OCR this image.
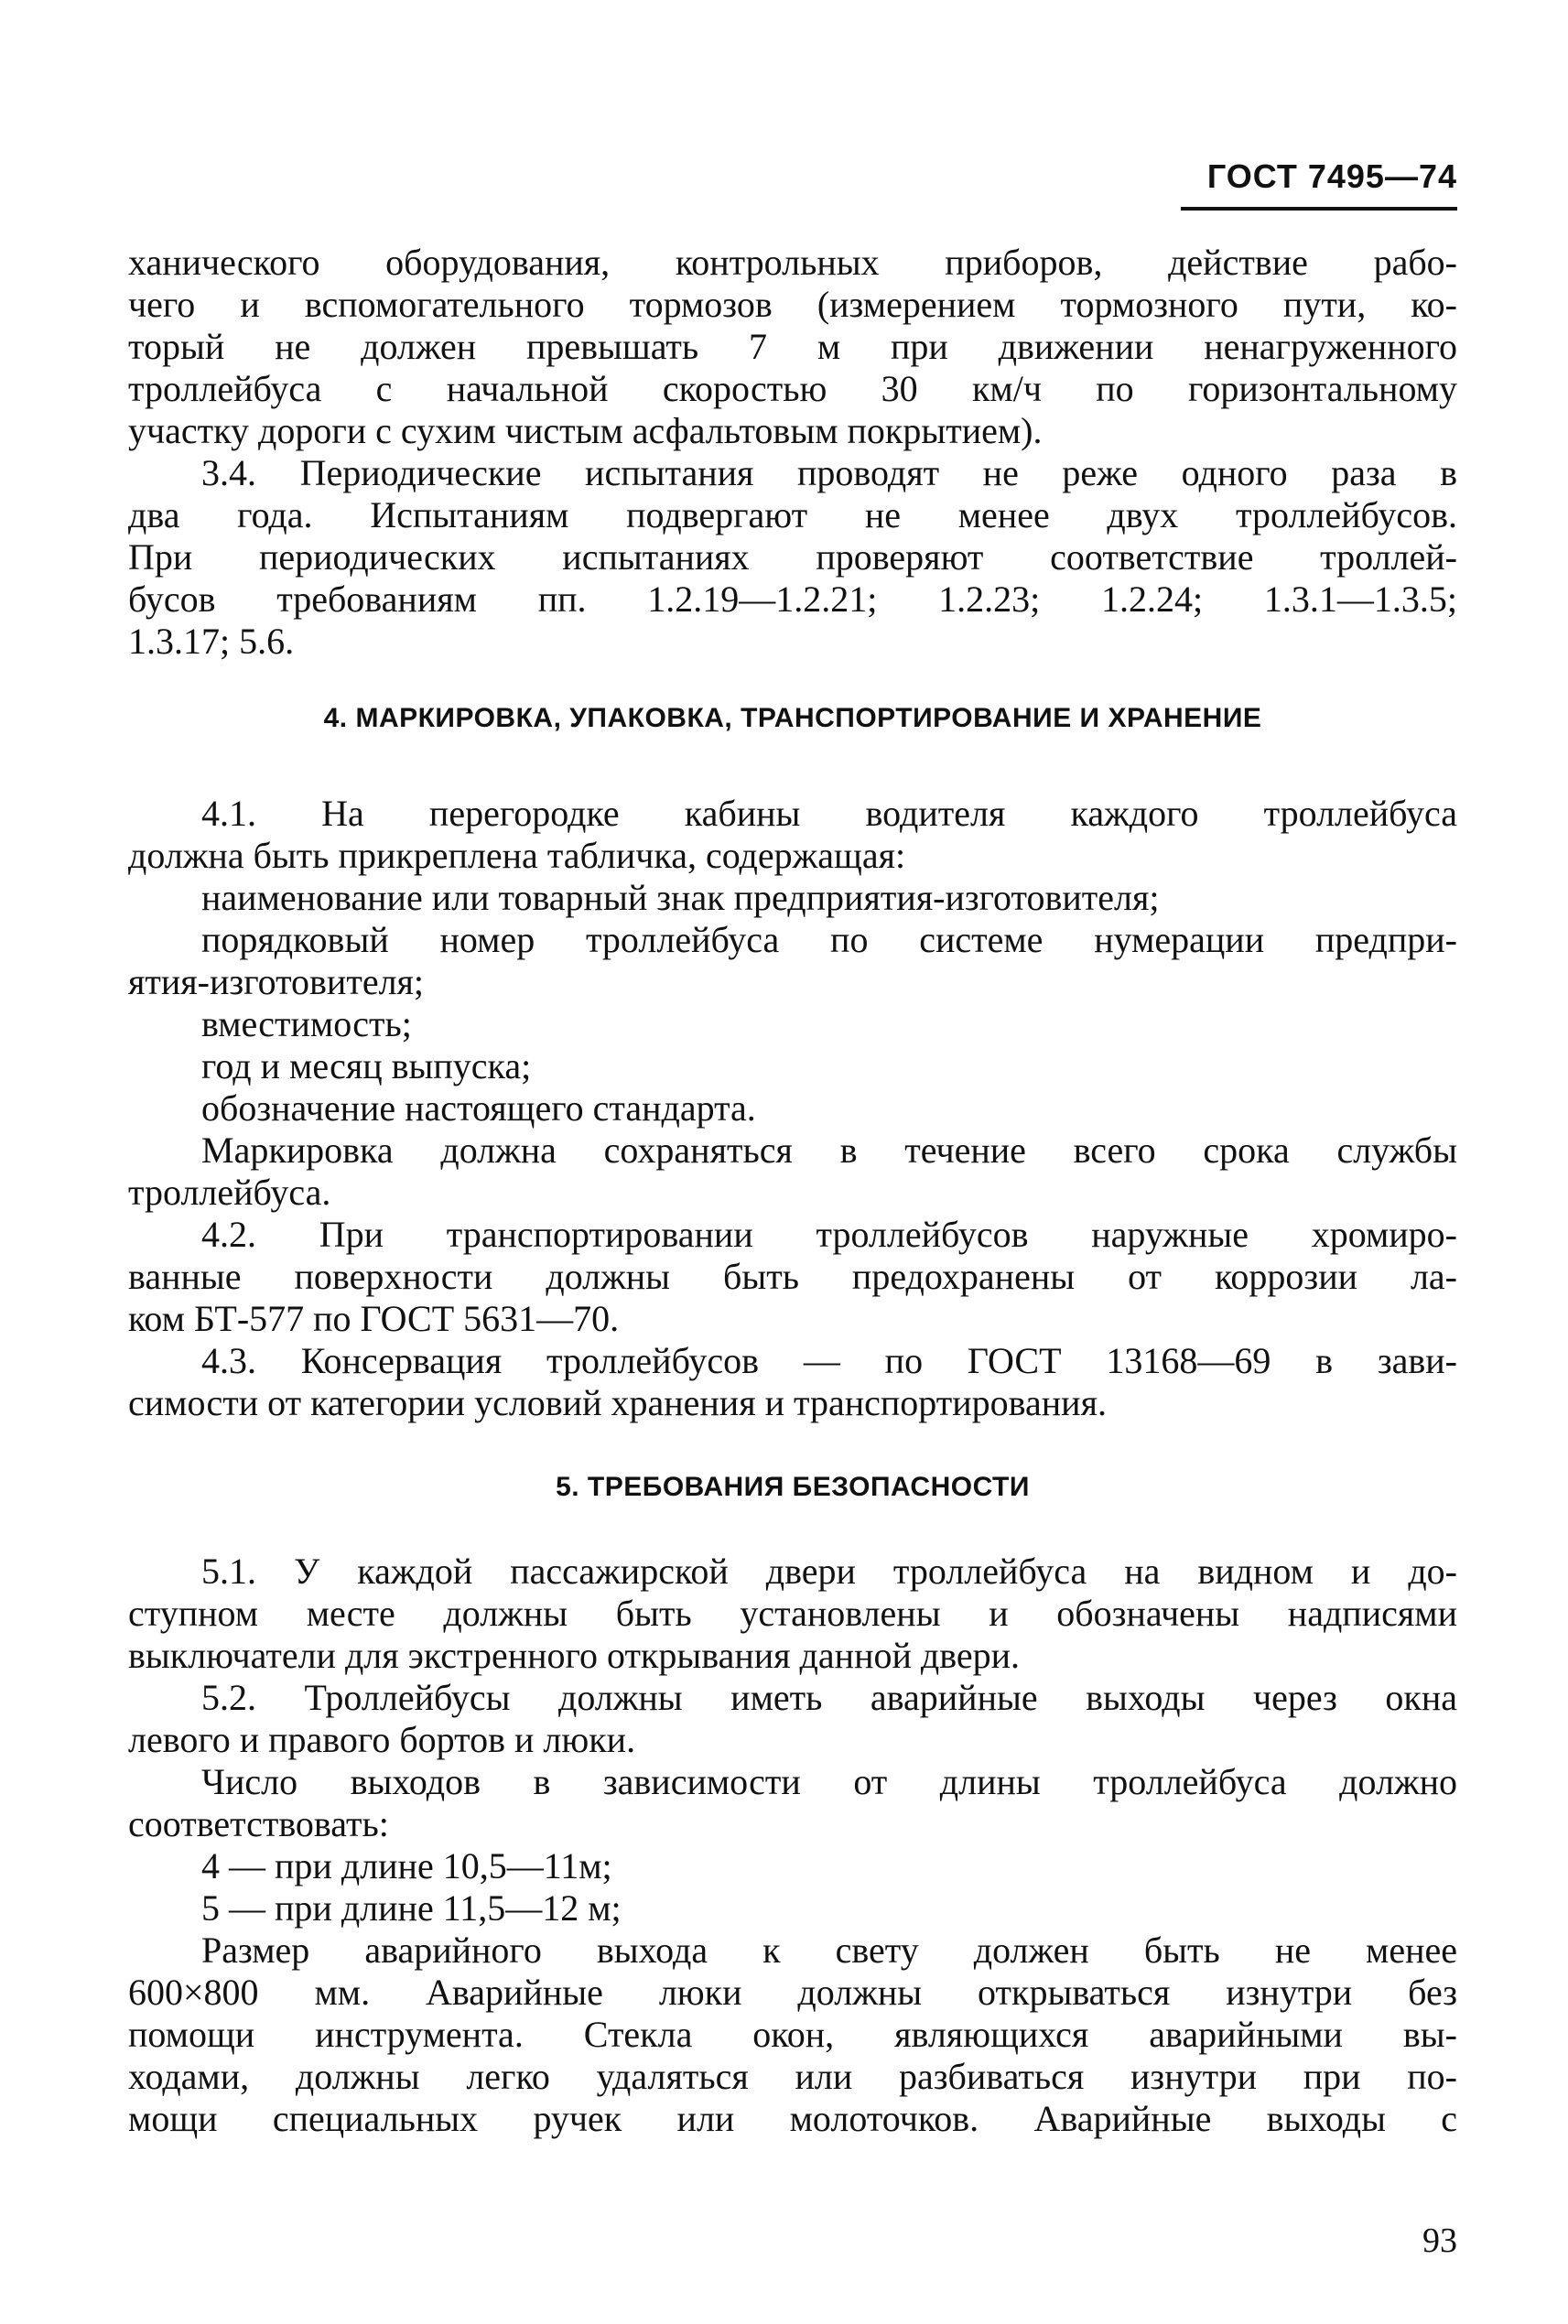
ГОСТ 7495—74
ханического оборудования, контрольных приборов, действие рабо-
чего и вспомогательного тормозов (измерением тормозного пути, ко-
торый не должен превышать 7 м при движении ненагруженного
троллейбуса с начальной скоростью 30 км/ч по горизонтальному
участку дороги с сухим чистым асфальтовым покрытием).
3.4. Периодические испытания проводят не реже одного раза в
два года. Испытаниям подвергают не менее двух троллейбусов.
При периодических испытаниях проверяют соответствие троллей-
бусов требованиям пп. 1.2.19—1.2.21; 1.2.23; 1.2.24; 1.3.1—1.3.5;
1.3.17; 5.6.
4. МАРКИРОВКА, УПАКОВКА, ТРАНСПОРТИРОВАНИЕ И ХРАНЕНИЕ
4.1. На перегородке кабины водителя каждого троллейбуса
должна быть прикреплена табличка, содержащая:
наименование или товарный знак предприятия-изготовителя;
порядковый номер троллейбуса по системе нумерации предпри-
ятия-изготовителя;
вместимость;
год и месяц выпуска;
обозначение настоящего стандарта.
Маркировка должна сохраняться в течение всего срока службы
троллейбуса.
4.2. При транспортировании троллейбусов наружные хромиро-
ванные поверхности должны быть предохранены от коррозии ла-
ком БТ-577 по ГОСТ 5631—70.
4.3. Консервация троллейбусов — по ГОСТ 13168—69 в зави-
симости от категории условий хранения и транспортирования.
5. ТРЕБОВАНИЯ БЕЗОПАСНОСТИ
5.1. У каждой пассажирской двери троллейбуса на видном и до-
ступном месте должны быть установлены и обозначены надписями
выключатели для экстренного открывания данной двери.
5.2. Троллейбусы должны иметь аварийные выходы через окна
левого и правого бортов и люки.
Число выходов в зависимости от длины троллейбуса должно
соответствовать:
4 — при длине 10,5—11м;
5 — при длине 11,5—12 м;
Размер аварийного выхода к свету должен быть не менее
600×800 мм. Аварийные люки должны открываться изнутри без
помощи инструмента. Стекла окон, являющихся аварийными вы-
ходами, должны легко удаляться или разбиваться изнутри при по-
мощи специальных ручек или молоточков. Аварийные выходы с
93
